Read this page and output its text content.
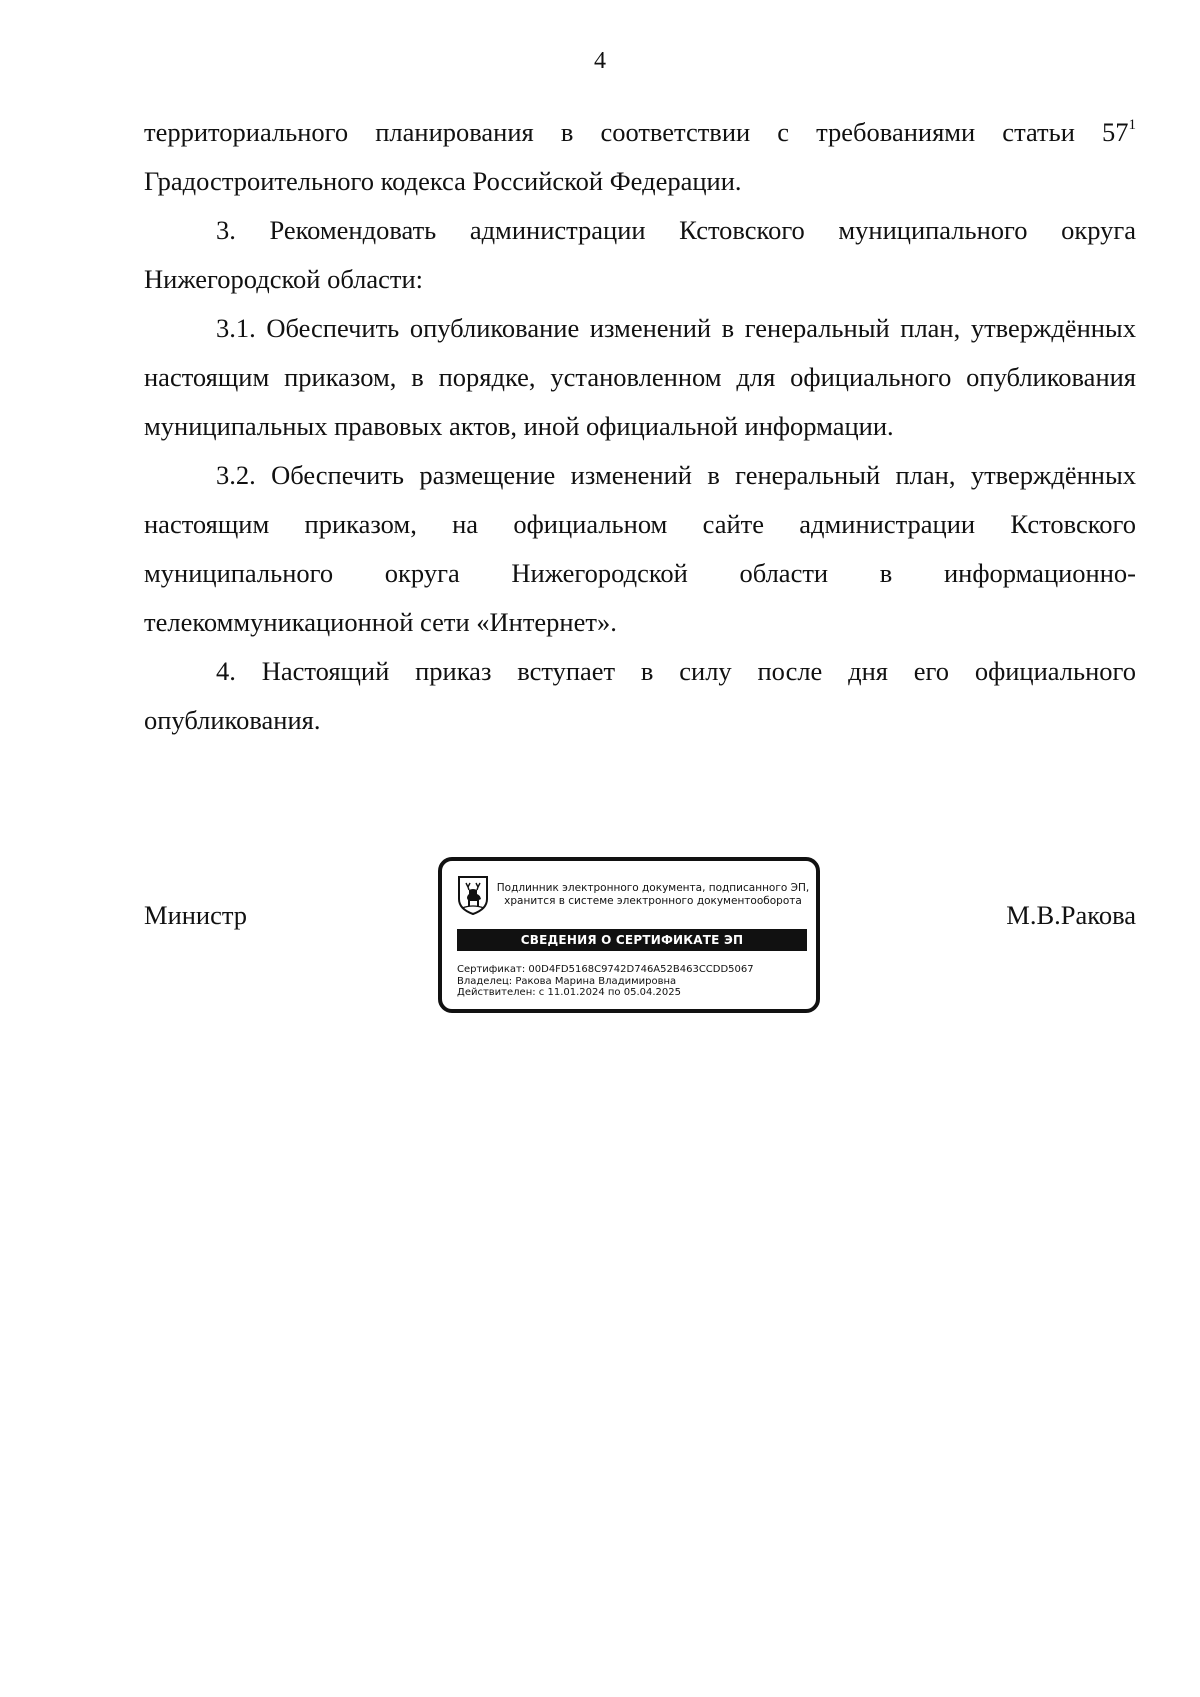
4

территориального планирования в соответствии с требованиями статьи $57^1$ Градостроительного кодекса Российской Федерации.

3. Рекомендовать администрации Кстовского муниципального округа Нижегородской области:

3.1. Обеспечить опубликование изменений в генеральный план, утверждённых настоящим приказом, в порядке, установленном для официального опубликования муниципальных правовых актов, иной официальной информации.

3.2. Обеспечить размещение изменений в генеральный план, утверждённых настоящим приказом, на официальном сайте администрации Кстовского муниципального округа Нижегородской области в информационно-телекоммуникационной сети «Интернет».

4. Настоящий приказ вступает в силу после дня его официального опубликования.

Министр	М.В.Ракова
Подлинник электронного документа, подписанного ЭП,
хранится в системе электронного документооборота
СВЕДЕНИЯ О СЕРТИФИКАТЕ ЭП
Сертификат: 00D4FD5168C9742D746A52B463CCDD5067
Владелец: Ракова Марина Владимировна
Действителен: с 11.01.2024 по 05.04.2025
